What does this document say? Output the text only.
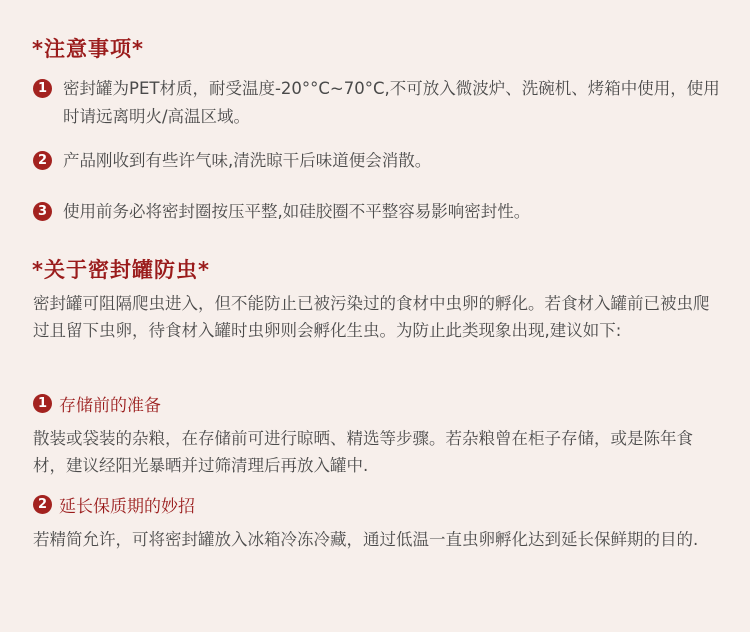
*注意事项*
1 密封罐为PET材质，耐受温度-20°°C~70°C,不可放入微波炉、洗碗机、烤箱中使用，使用时请远离明火/高温区域。
2 产品刚收到有些许气味,清洗晾干后味道便会消散。
3 使用前务必将密封圈按压平整,如硅胶圈不平整容易影响密封性。
*关于密封罐防虫*

密封罐可阻隔爬虫进入，但不能防止已被污染过的食材中虫卵的孵化。若食材入罐前已被虫爬过且留下虫卵，待食材入罐时虫卵则会孵化生虫。为防止此类现象出现,建议如下:

1 存储前的准备

散装或袋装的杂粮，在存储前可进行晾晒、精选等步骤。若杂粮曾在柜子存储，或是陈年食材，建议经阳光暴晒并过筛清理后再放入罐中.

2 延长保质期的妙招

若精简允许，可将密封罐放入冰箱冷冻冷藏，通过低温一直虫卵孵化达到延长保鲜期的目的.
